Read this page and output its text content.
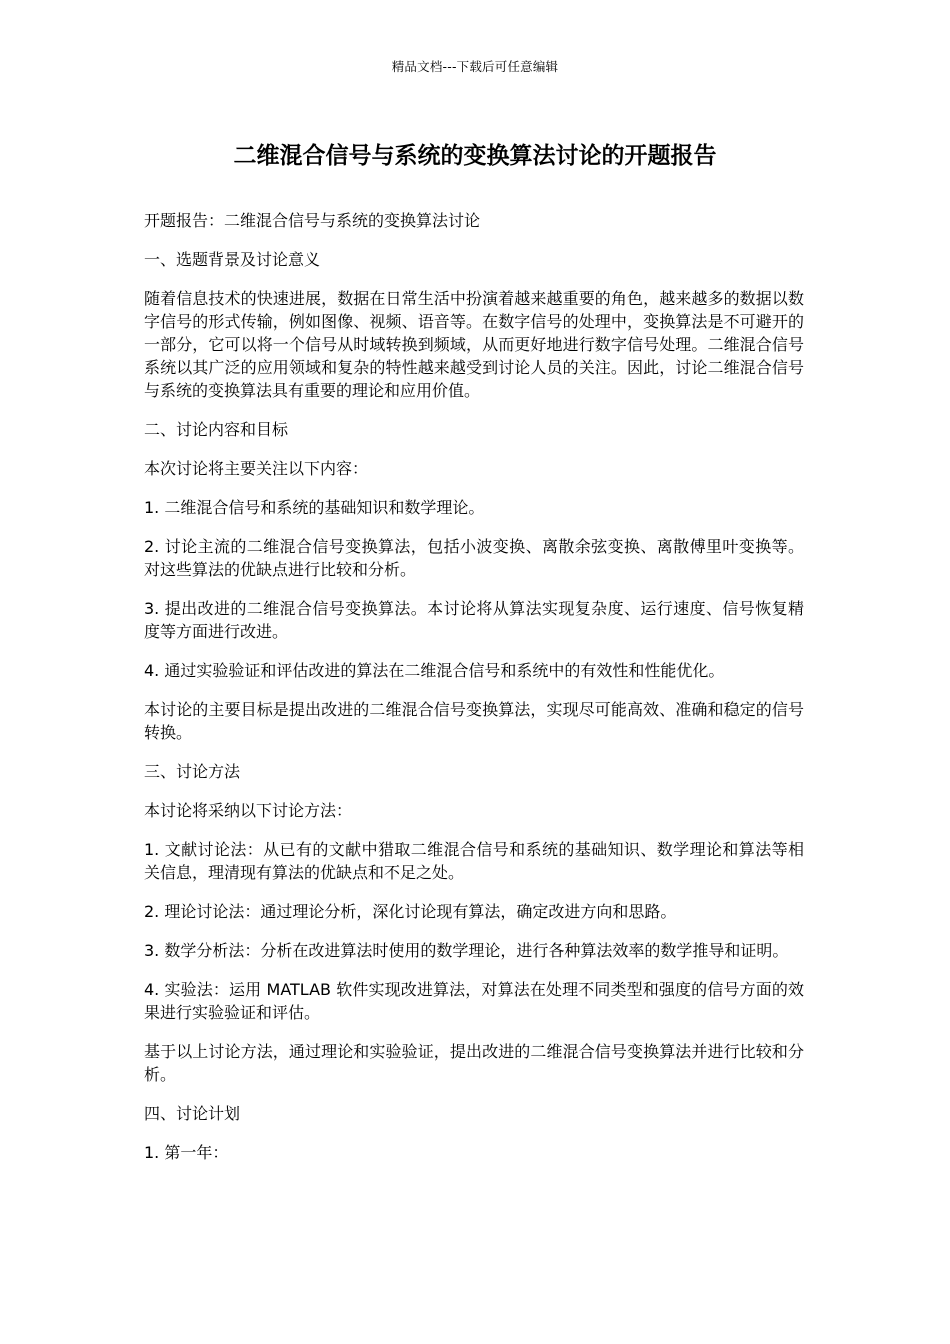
精品文档---下载后可任意编辑
二维混合信号与系统的变换算法讨论的开题报告

开题报告：二维混合信号与系统的变换算法讨论

一、选题背景及讨论意义

随着信息技术的快速进展，数据在日常生活中扮演着越来越重要的角色，越来越多的数据以数字信号的形式传输，例如图像、视频、语音等。在数字信号的处理中，变换算法是不可避开的一部分，它可以将一个信号从时域转换到频域，从而更好地进行数字信号处理。二维混合信号系统以其广泛的应用领域和复杂的特性越来越受到讨论人员的关注。因此，讨论二维混合信号与系统的变换算法具有重要的理论和应用价值。

二、讨论内容和目标

本次讨论将主要关注以下内容：

1. 二维混合信号和系统的基础知识和数学理论。

2. 讨论主流的二维混合信号变换算法，包括小波变换、离散余弦变换、离散傅里叶变换等。对这些算法的优缺点进行比较和分析。

3. 提出改进的二维混合信号变换算法。本讨论将从算法实现复杂度、运行速度、信号恢复精度等方面进行改进。

4. 通过实验验证和评估改进的算法在二维混合信号和系统中的有效性和性能优化。

本讨论的主要目标是提出改进的二维混合信号变换算法，实现尽可能高效、准确和稳定的信号转换。

三、讨论方法

本讨论将采纳以下讨论方法：

1. 文献讨论法：从已有的文献中猎取二维混合信号和系统的基础知识、数学理论和算法等相关信息，理清现有算法的优缺点和不足之处。

2. 理论讨论法：通过理论分析，深化讨论现有算法，确定改进方向和思路。

3. 数学分析法：分析在改进算法时使用的数学理论，进行各种算法效率的数学推导和证明。

4. 实验法：运用 MATLAB 软件实现改进算法，对算法在处理不同类型和强度的信号方面的效果进行实验验证和评估。

基于以上讨论方法，通过理论和实验验证，提出改进的二维混合信号变换算法并进行比较和分析。

四、讨论计划

1. 第一年：
